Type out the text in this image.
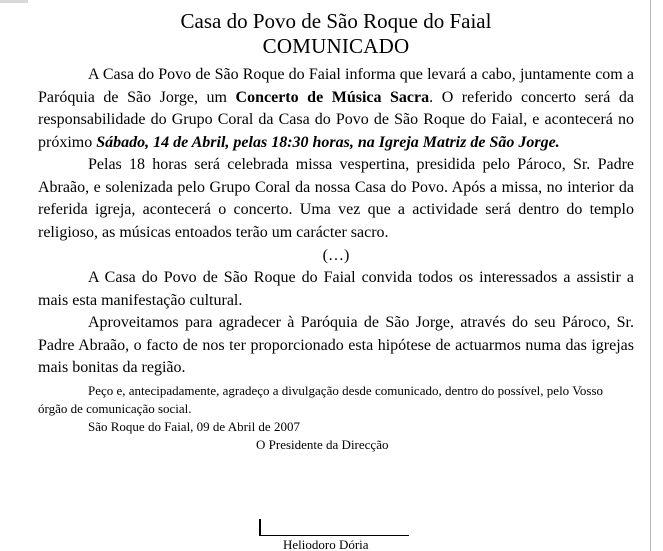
Casa do Povo de São Roque do Faial
COMUNICADO

A Casa do Povo de São Roque do Faial informa que levará a cabo, juntamente com a Paróquia de São Jorge, um Concerto de Música Sacra. O referido concerto será da responsabilidade do Grupo Coral da Casa do Povo de São Roque do Faial, e acontecerá no próximo Sábado, 14 de Abril, pelas 18:30 horas, na Igreja Matriz de São Jorge.

Pelas 18 horas será celebrada missa vespertina, presidida pelo Pároco, Sr. Padre Abraão, e solenizada pelo Grupo Coral da nossa Casa do Povo. Após a missa, no interior da referida igreja, acontecerá o concerto. Uma vez que a actividade será dentro do templo religioso, as músicas entoados terão um carácter sacro.

(…)

A Casa do Povo de São Roque do Faial convida todos os interessados a assistir a mais esta manifestação cultural.

Aproveitamos para agradecer à Paróquia de São Jorge, através do seu Pároco, Sr. Padre Abraão, o facto de nos ter proporcionado esta hipótese de actuarmos numa das igrejas mais bonitas da região.

Peço e, antecipadamente, agradeço a divulgação desde comunicado, dentro do possível, pelo Vosso órgão de comunicação social.

São Roque do Faial, 09 de Abril de 2007

O Presidente da Direcção

Heliodoro Dória
